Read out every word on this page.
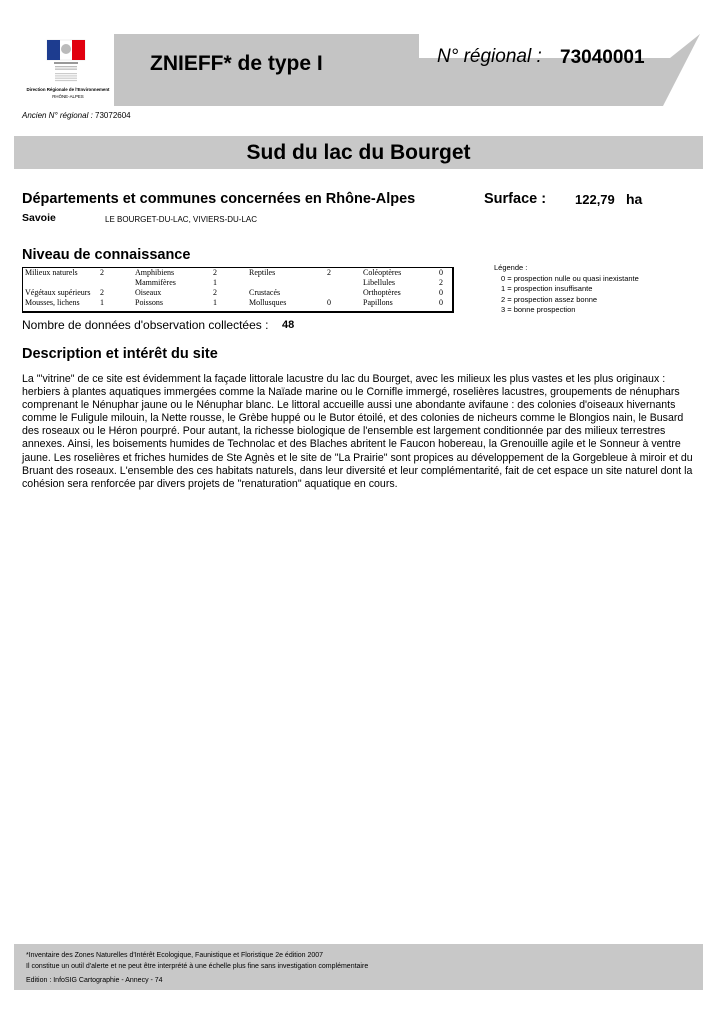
Direction Régionale de l'Environnement
RHÔNE-ALPES
ZNIEFF* de type I	N° régional : 73040001
Ancien N° régional : 73072604
Sud du lac du Bourget
Départements et communes concernées en Rhône-Alpes	Surface : 122,79 ha
Savoie	LE BOURGET-DU-LAC, VIVIERS-DU-LAC
Niveau de connaissance
Milieux naturels	2	Amphibiens	2	Reptiles	2	Coléoptères	0
		Mammifères	1			Libellules	2
Végétaux supérieurs	2	Oiseaux	2	Crustacés		Orthoptères	0
Mousses, lichens	1	Poissons	1	Mollusques	0	Papillons	0
Légende :
0 = prospection nulle ou quasi inexistante
1 = prospection insuffisante
2 = prospection assez bonne
3 = bonne prospection
Nombre de données d'observation collectées : 48
Description et intérêt du site
La "'vitrine" de ce site est évidemment la façade littorale lacustre du lac du Bourget, avec les milieux les plus vastes et les plus originaux : herbiers à plantes aquatiques immergées comme la Naïade marine ou le Cornifle immergé, roselières lacustres, groupements de nénuphars comprenant le Nénuphar jaune ou le Nénuphar blanc. Le littoral accueille aussi une abondante avifaune : des colonies d'oiseaux hivernants comme le Fuligule milouin, la Nette rousse, le Grèbe huppé ou le Butor étoilé, et des colonies de nicheurs comme le Blongios nain, le Busard des roseaux ou le Héron pourpré. Pour autant, la richesse biologique de l'ensemble est largement conditionnée par des milieux terrestres annexes. Ainsi, les boisements humides de Technolac et des Blaches abritent le Faucon hobereau, la Grenouille agile et le Sonneur à ventre jaune. Les roselières et friches humides de Ste Agnès et le site de "La Prairie" sont propices au développement de la Gorgebleue à miroir et du Bruant des roseaux. L'ensemble des ces habitats naturels, dans leur diversité et leur complémentarité, fait de cet espace un site naturel dont la cohésion sera renforcée par divers projets de "renaturation" aquatique en cours.

*Inventaire des Zones Naturelles d'Intérêt Ecologique, Faunistique et Floristique 2e édition 2007

Il constitue un outil d'alerte et ne peut être interprété à une échelle plus fine sans investigation complémentaire

Edition : InfoSIG Cartographie - Annecy - 74
